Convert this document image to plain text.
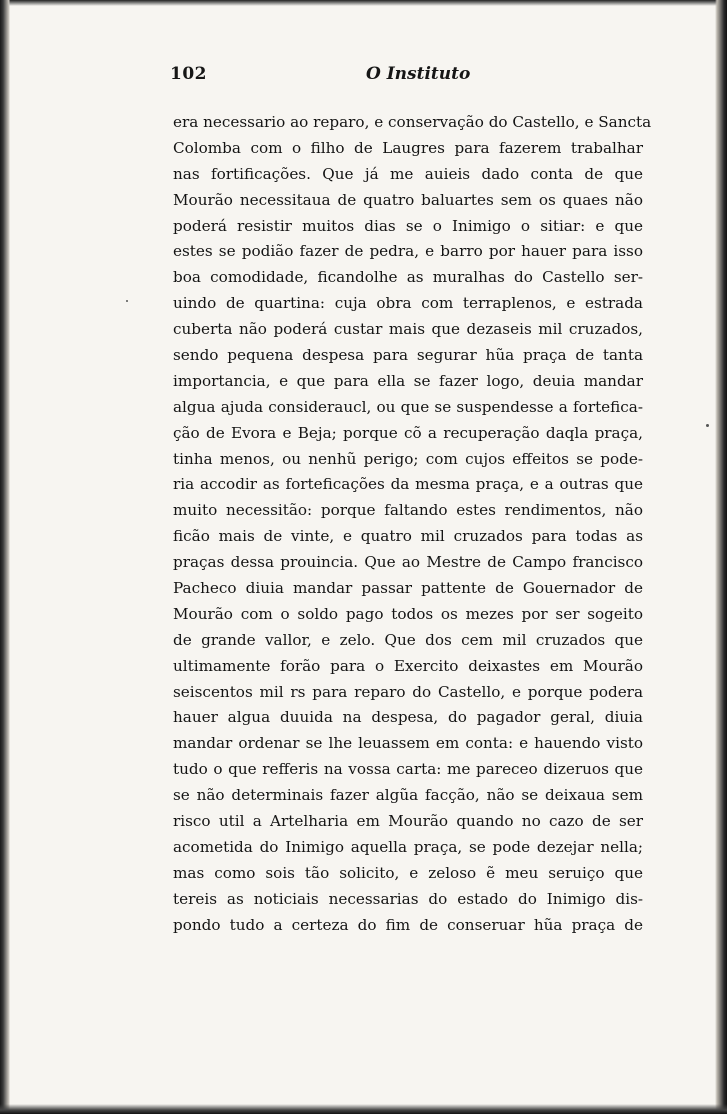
102	O Instituto
era necessario ao reparo, e conservação do Castello, e Sancta
Colomba com o filho de Laugres para fazerem trabalhar
nas fortificações. Que já me auieis dado conta de que
Mourão necessitaua de quatro baluartes sem os quaes não
poderá resistir muitos dias se o Inimigo o sitiar: e que
estes se podião fazer de pedra, e barro por hauer para isso
boa comodidade, ficandolhe as muralhas do Castello ser-
uindo de quartina: cuja obra com terraplenos, e estrada
cuberta não poderá custar mais que dezaseis mil cruzados,
sendo pequena despesa para segurar hũa praça de tanta
importancia, e que para ella se fazer logo, deuia mandar
algua ajuda consideraucl, ou que se suspendesse a forteficа-
ção de Evora e Beja; porque cõ a recuperação daqla praça,
tinha menos, ou nenhũ perigo; com cujos effeitos se pode-
ria accodir as forteficações da mesma praça, e a outras que
muito necessitão: porque faltando estes rendimentos, não
ficão mais de vinte, e quatro mil cruzados para todas as
praças dessa prouincia. Que ao Mestre de Campo francisco
Pacheco diuia mandar passar pattente de Gouernador de
Mourão com o soldo pago todos os mezes por ser sogeito
de grande vallor, e zelo. Que dos cem mil cruzados que
ultimamente forão para o Exercito deixastes em Mourão
seiscentos mil rs para reparo do Castello, e porque podera
hauer algua duuida na despesa, do pagador geral, diuia
mandar ordenar se lhe leuassem em conta: e hauendo visto
tudo o que refferis na vossa carta: me pareceo dizeruos que
se não determinais fazer algũa facção, não se deixaua sem
risco util a Artelharia em Mourão quando no cazo de ser
acometida do Inimigo aquella praça, se pode dezejar nella;
mas como sois tão solicito, e zeloso ẽ meu seruiço que
tereis as noticiais necessarias do estado do Inimigo dis-
pondo tudo a certeza do fim de conseruar hũa praça de
